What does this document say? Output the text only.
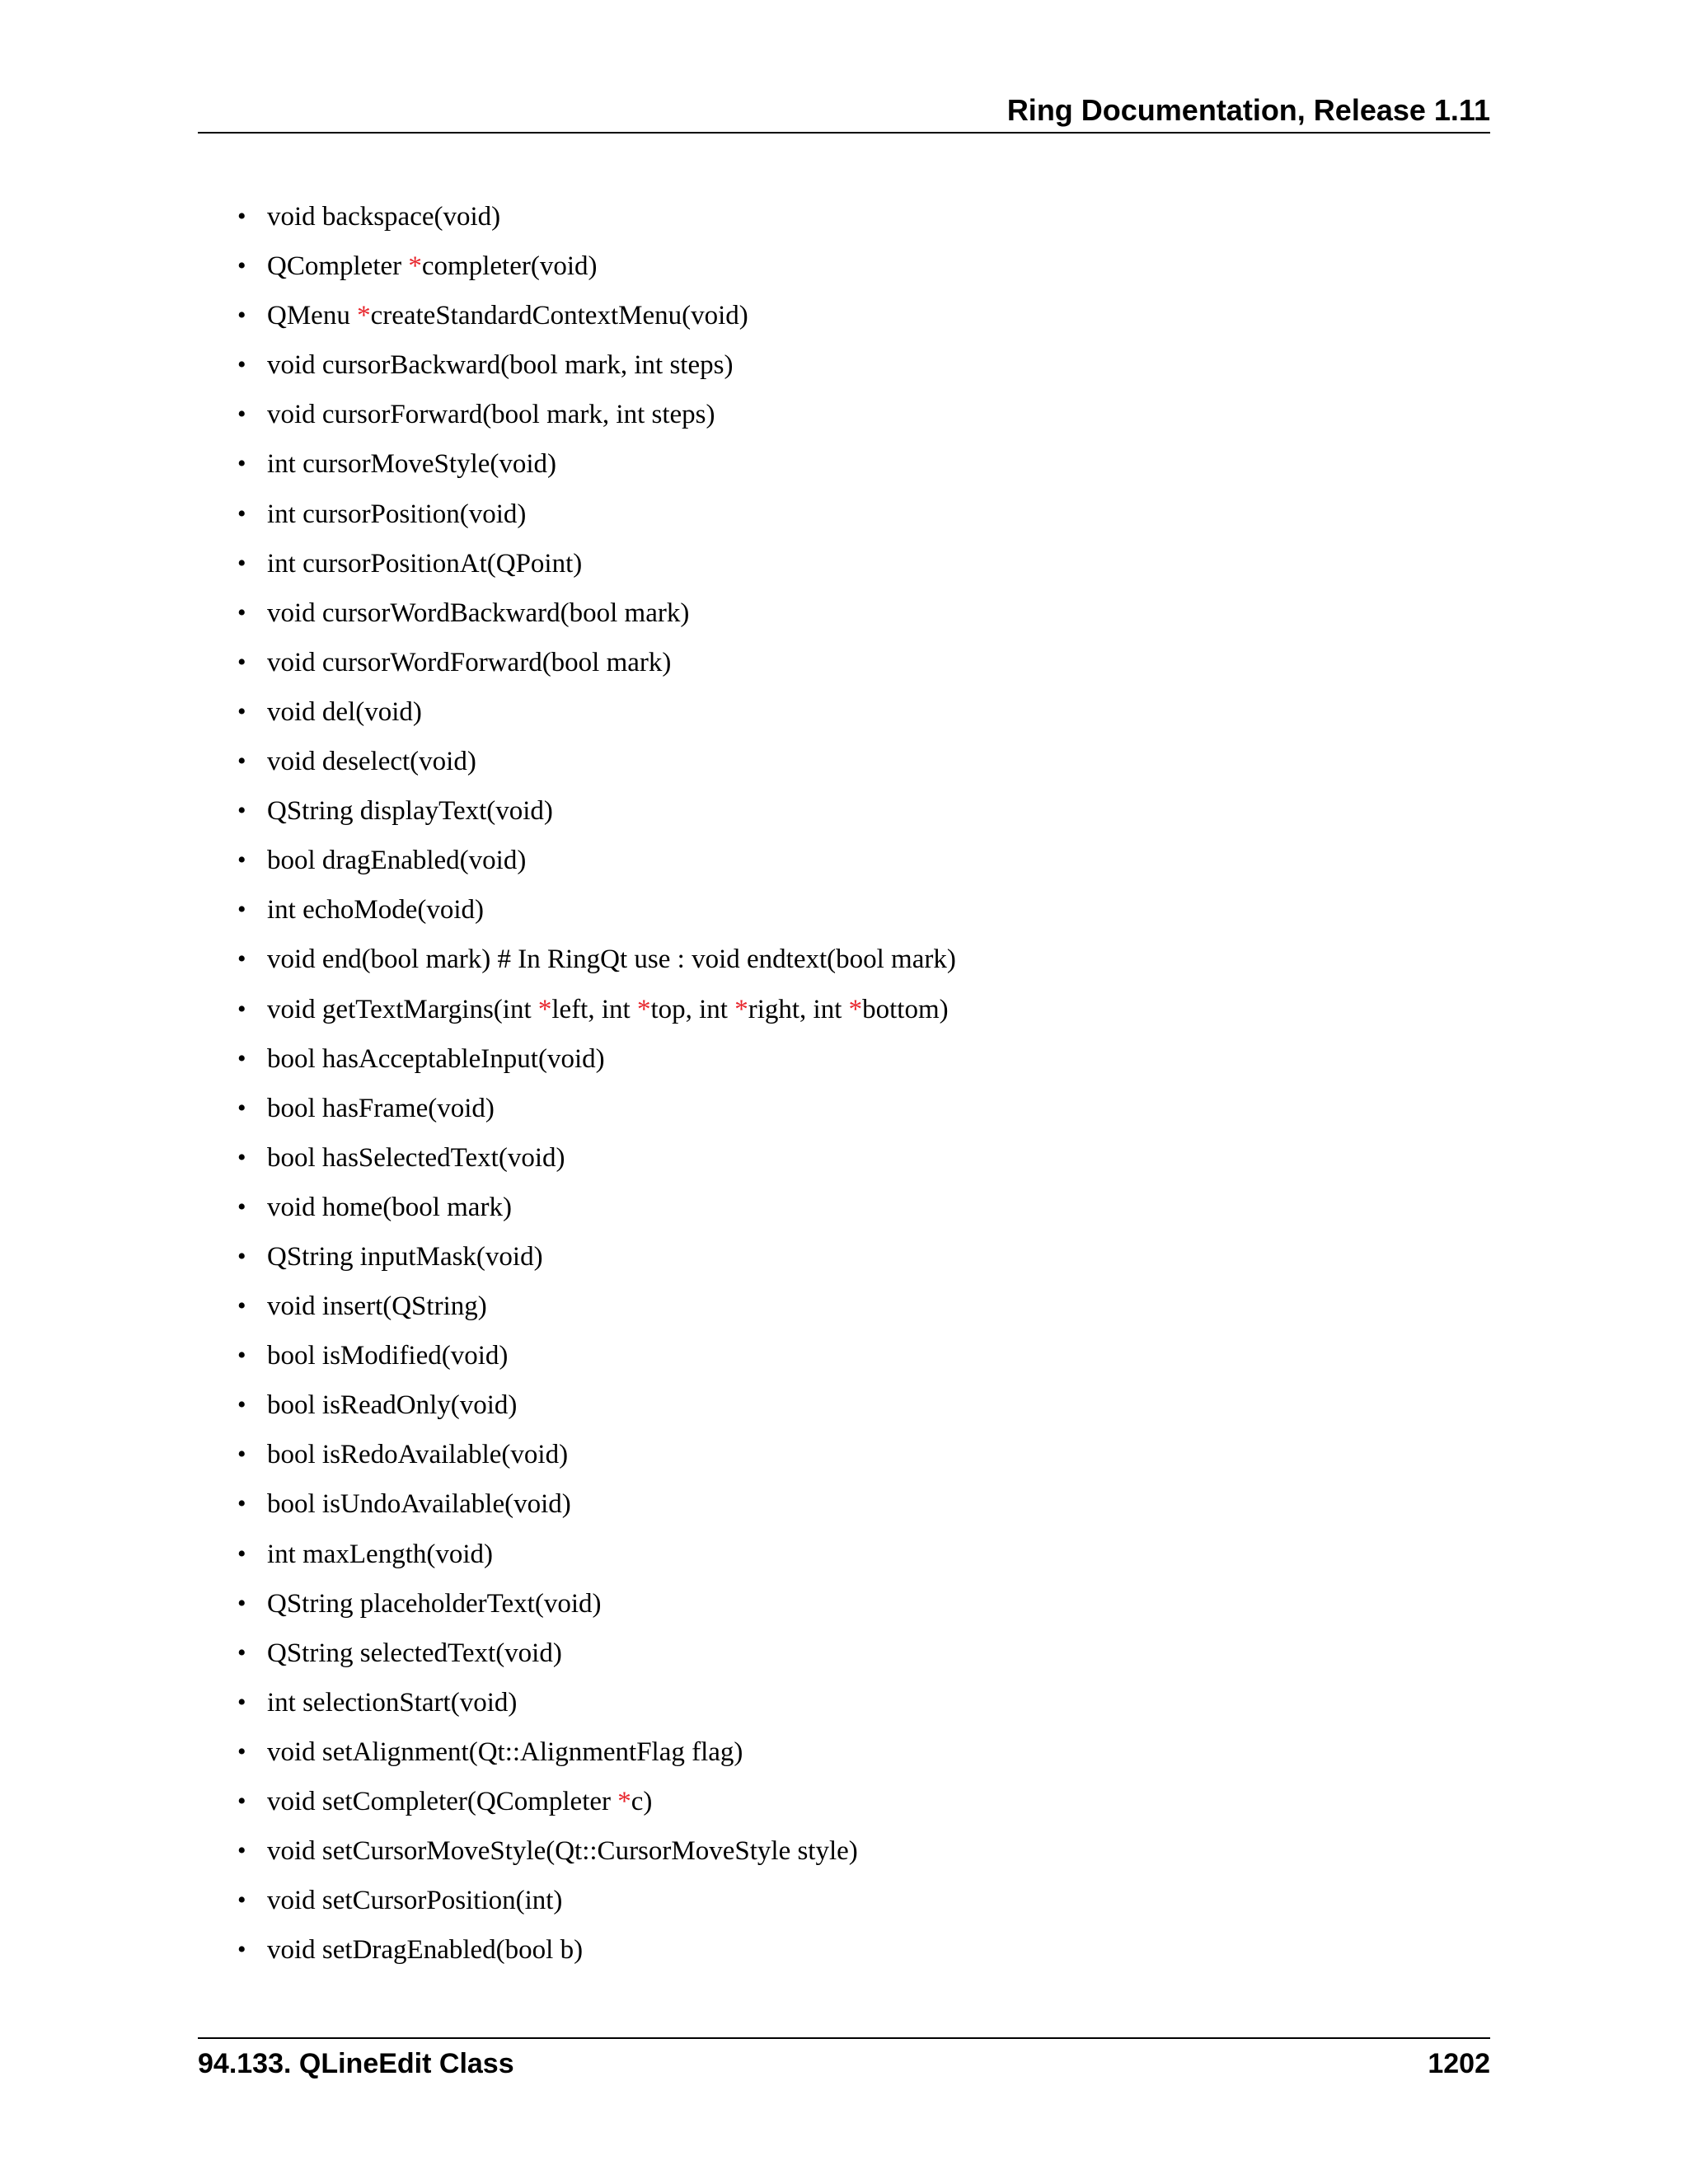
Ring Documentation, Release 1.11
• void backspace(void)
• QCompleter *completer(void)
• QMenu *createStandardContextMenu(void)
• void cursorBackward(bool mark, int steps)
• void cursorForward(bool mark, int steps)
• int cursorMoveStyle(void)
• int cursorPosition(void)
• int cursorPositionAt(QPoint)
• void cursorWordBackward(bool mark)
• void cursorWordForward(bool mark)
• void del(void)
• void deselect(void)
• QString displayText(void)
• bool dragEnabled(void)
• int echoMode(void)
• void end(bool mark) # In RingQt use : void endtext(bool mark)
• void getTextMargins(int *left, int *top, int *right, int *bottom)
• bool hasAcceptableInput(void)
• bool hasFrame(void)
• bool hasSelectedText(void)
• void home(bool mark)
• QString inputMask(void)
• void insert(QString)
• bool isModified(void)
• bool isReadOnly(void)
• bool isRedoAvailable(void)
• bool isUndoAvailable(void)
• int maxLength(void)
• QString placeholderText(void)
• QString selectedText(void)
• int selectionStart(void)
• void setAlignment(Qt::AlignmentFlag flag)
• void setCompleter(QCompleter *c)
• void setCursorMoveStyle(Qt::CursorMoveStyle style)
• void setCursorPosition(int)
• void setDragEnabled(bool b)
94.133. QLineEdit Class	1202
